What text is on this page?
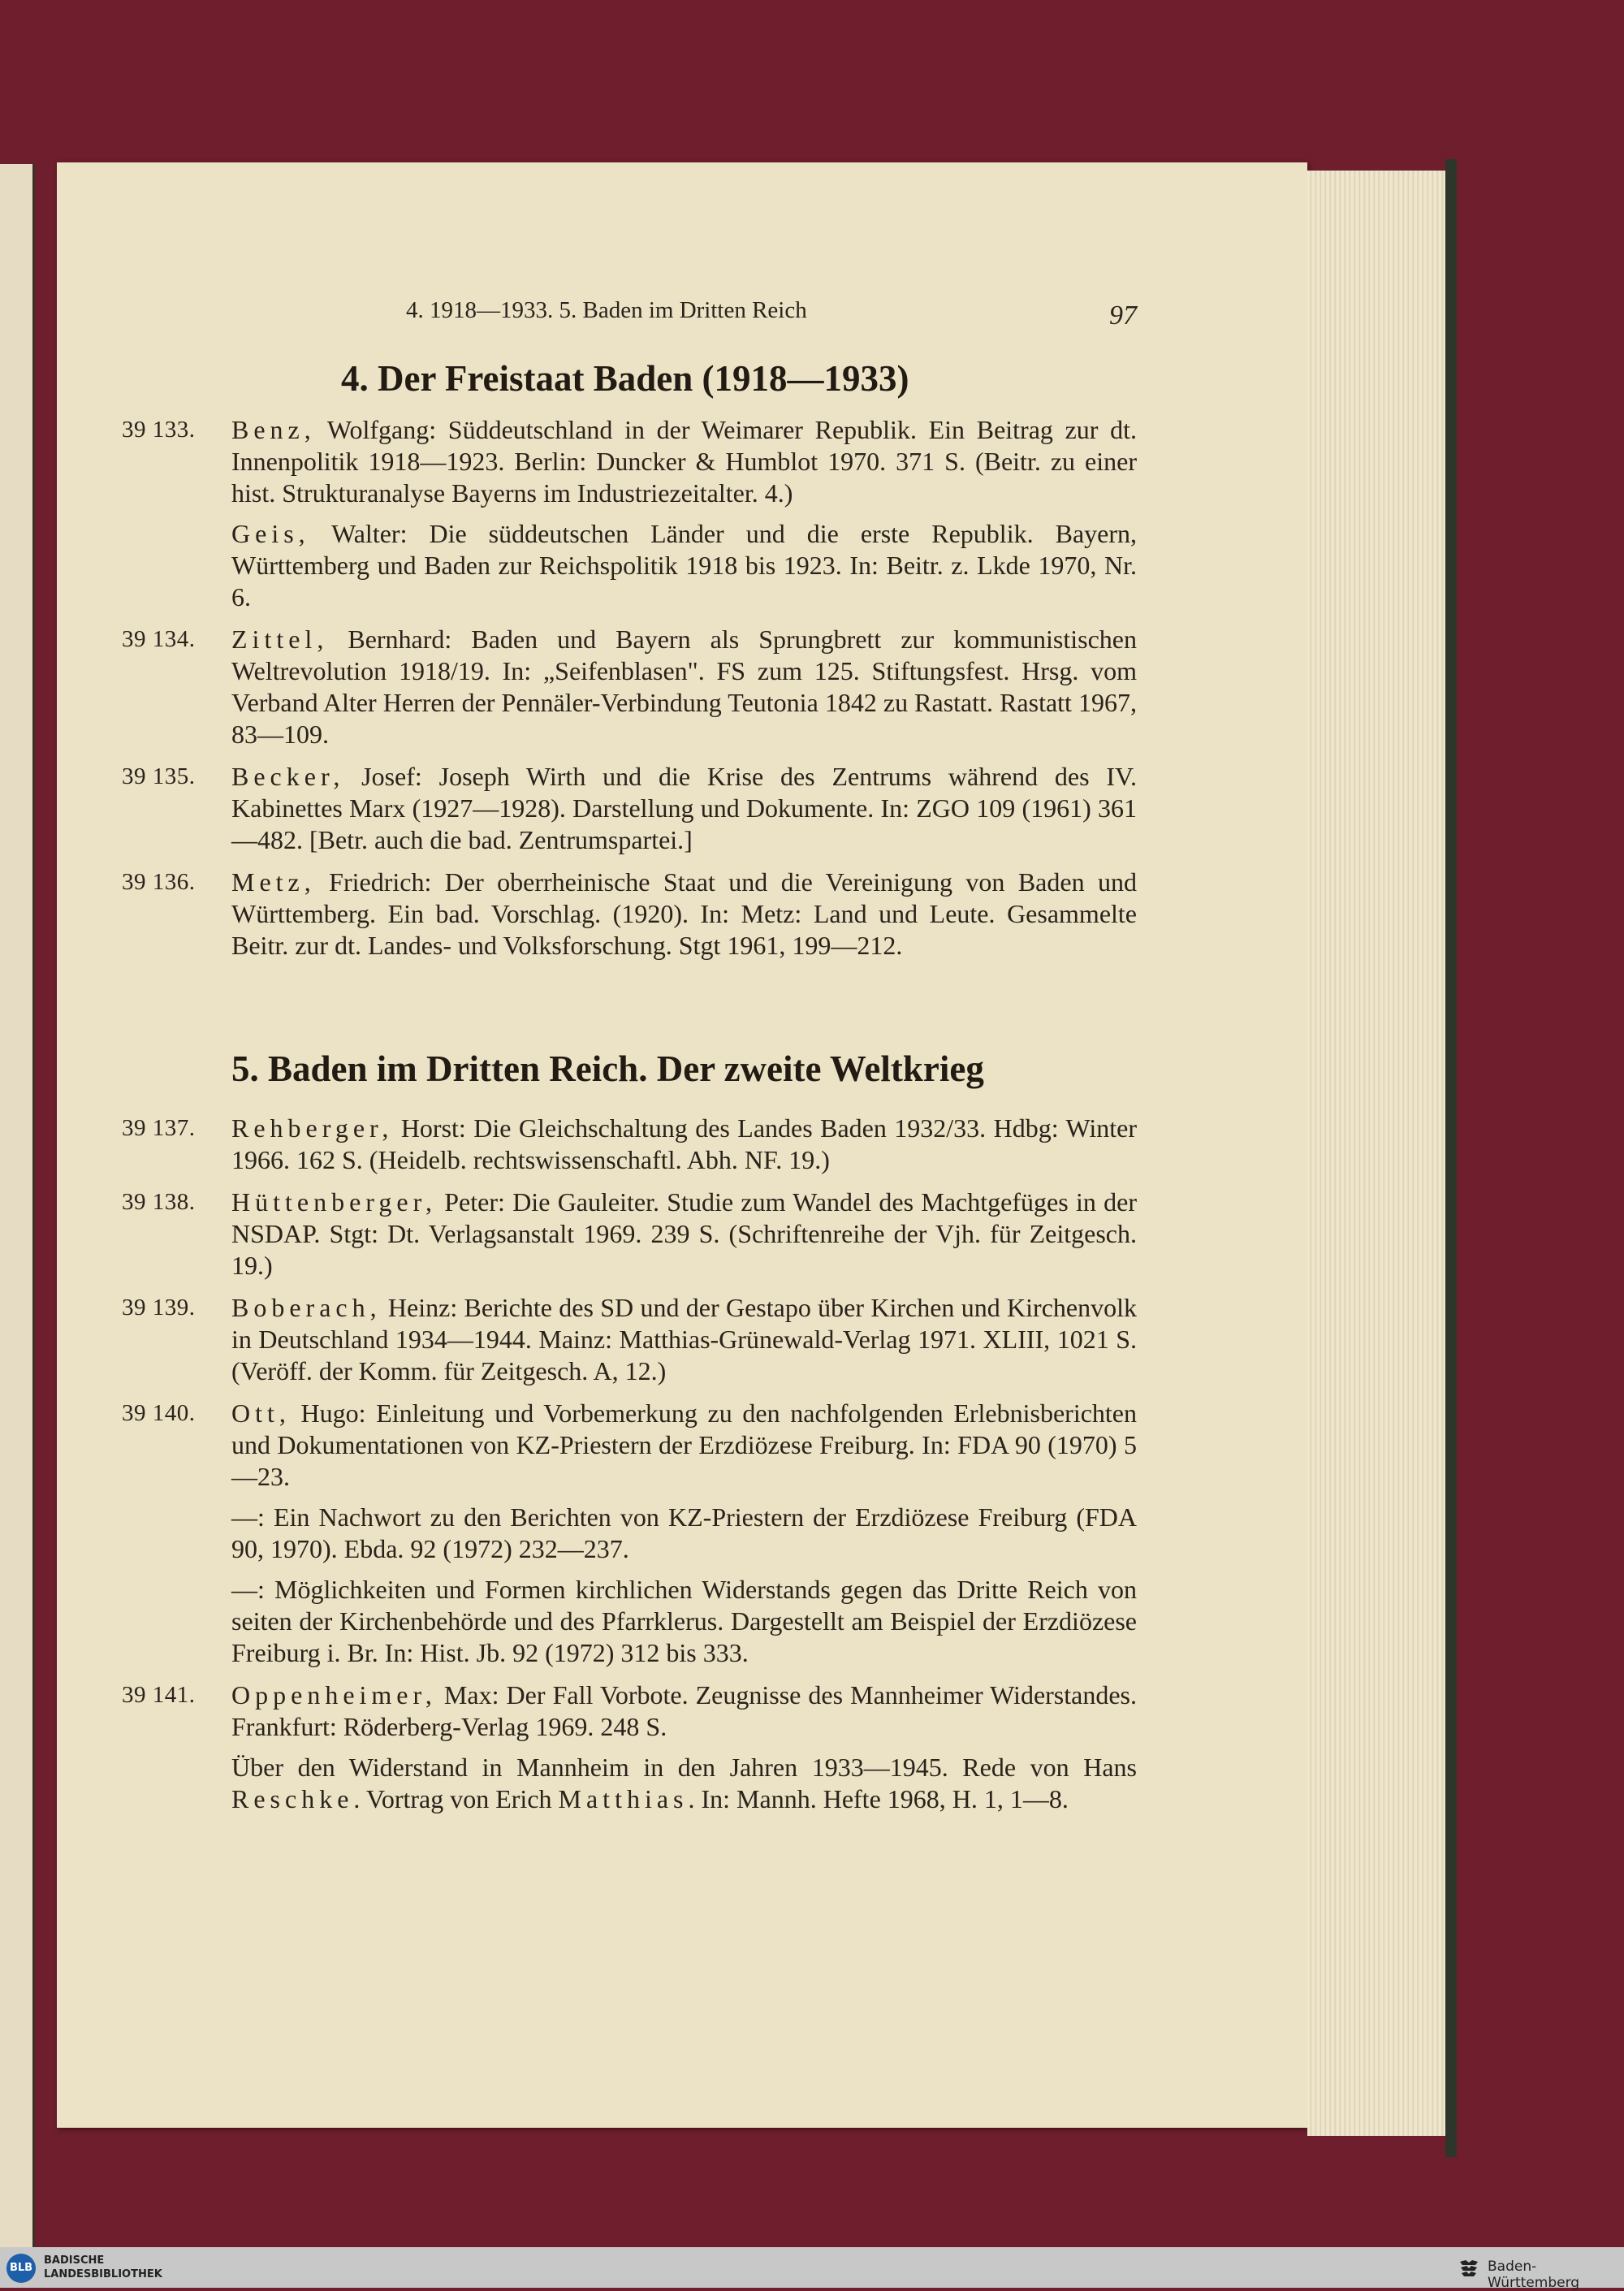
4. 1918—1933. 5. Baden im Dritten Reich	97
4. Der Freistaat Baden (1918—1933)
39 133. Benz, Wolfgang: Süddeutschland in der Weimarer Republik. Ein Beitrag zur dt. Innenpolitik 1918—1923. Berlin: Duncker & Humblot 1970. 371 S. (Beitr. zu einer hist. Strukturanalyse Bayerns im Industriezeitalter. 4.)
Geis, Walter: Die süddeutschen Länder und die erste Republik. Bayern, Württemberg und Baden zur Reichspolitik 1918 bis 1923. In: Beitr. z. Lkde 1970, Nr. 6.
39 134. Zittel, Bernhard: Baden und Bayern als Sprungbrett zur kommunistischen Weltrevolution 1918/19. In: „Seifenblasen". FS zum 125. Stiftungsfest. Hrsg. vom Verband Alter Herren der Pennäler-Verbindung Teutonia 1842 zu Rastatt. Rastatt 1967, 83—109.
39 135. Becker, Josef: Joseph Wirth und die Krise des Zentrums während des IV. Kabinettes Marx (1927—1928). Darstellung und Dokumente. In: ZGO 109 (1961) 361—482. [Betr. auch die bad. Zentrumspartei.]
39 136. Metz, Friedrich: Der oberrheinische Staat und die Vereinigung von Baden und Württemberg. Ein bad. Vorschlag. (1920). In: Metz: Land und Leute. Gesammelte Beitr. zur dt. Landes- und Volksforschung. Stgt 1961, 199—212.
5. Baden im Dritten Reich. Der zweite Weltkrieg
39 137. Rehberger, Horst: Die Gleichschaltung des Landes Baden 1932/33. Hdbg: Winter 1966. 162 S. (Heidelb. rechtswissenschaftl. Abh. NF. 19.)
39 138. Hüttenberger, Peter: Die Gauleiter. Studie zum Wandel des Machtgefüges in der NSDAP. Stgt: Dt. Verlagsanstalt 1969. 239 S. (Schriftenreihe der Vjh. für Zeitgesch. 19.)
39 139. Boberach, Heinz: Berichte des SD und der Gestapo über Kirchen und Kirchenvolk in Deutschland 1934—1944. Mainz: Matthias-Grünewald-Verlag 1971. XLIII, 1021 S. (Veröff. der Komm. für Zeitgesch. A, 12.)
39 140. Ott, Hugo: Einleitung und Vorbemerkung zu den nachfolgenden Erlebnisberichten und Dokumentationen von KZ-Priestern der Erzdiözese Freiburg. In: FDA 90 (1970) 5—23.
—: Ein Nachwort zu den Berichten von KZ-Priestern der Erzdiözese Freiburg (FDA 90, 1970). Ebda. 92 (1972) 232—237.
—: Möglichkeiten und Formen kirchlichen Widerstands gegen das Dritte Reich von seiten der Kirchenbehörde und des Pfarrklerus. Dargestellt am Beispiel der Erzdiözese Freiburg i. Br. In: Hist. Jb. 92 (1972) 312 bis 333.
39 141. Oppenheimer, Max: Der Fall Vorbote. Zeugnisse des Mannheimer Widerstandes. Frankfurt: Röderberg-Verlag 1969. 248 S.
Über den Widerstand in Mannheim in den Jahren 1933—1945. Rede von Hans Reschke. Vortrag von Erich Matthias. In: Mannh. Hefte 1968, H. 1, 1—8.
BLB
BADISCHE
LANDESBIBLIOTHEK	Baden-Württemberg
